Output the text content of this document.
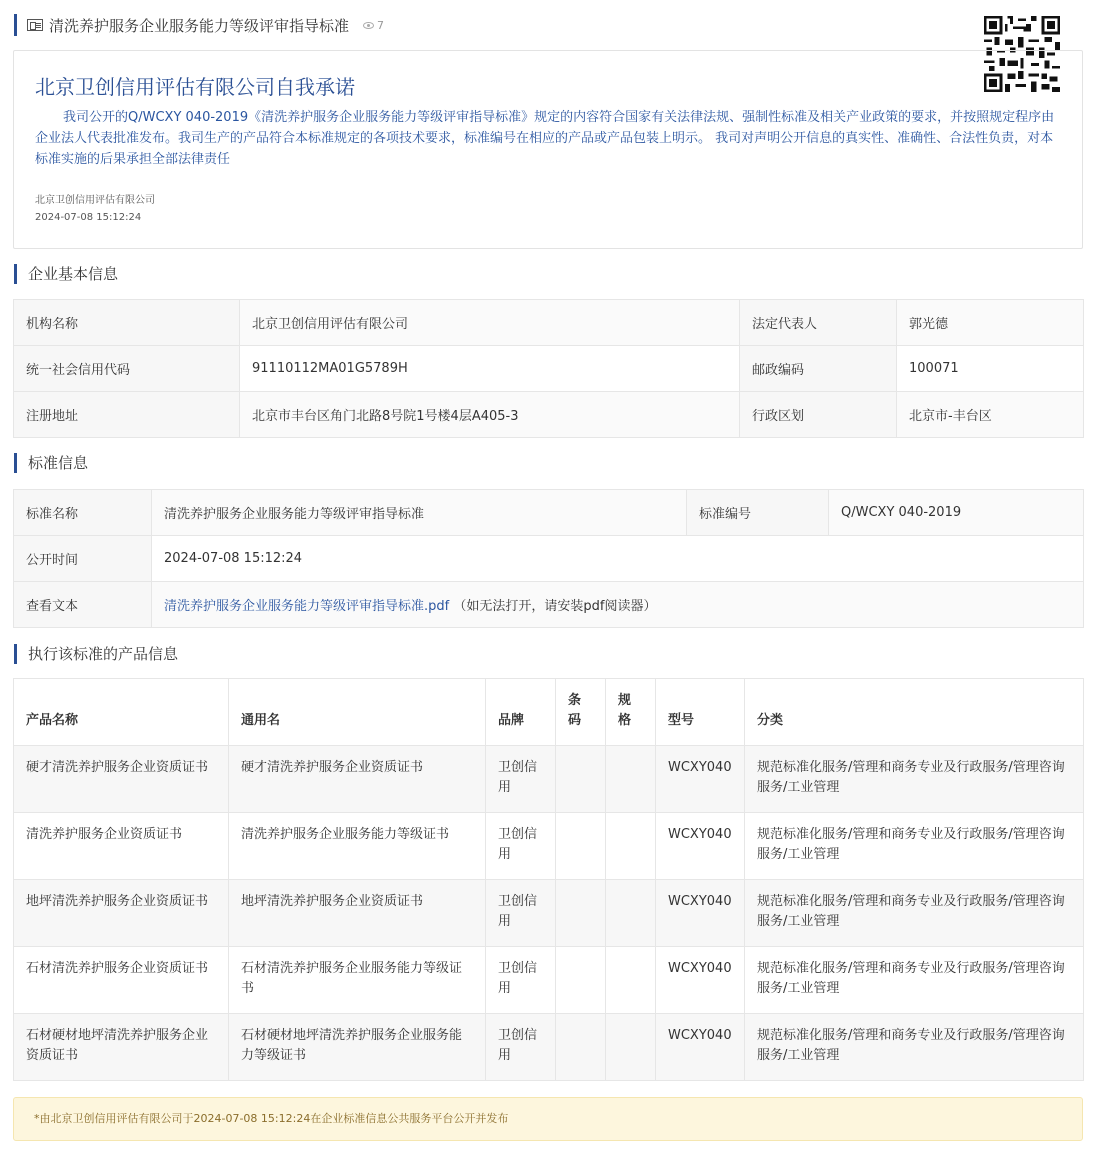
清洗养护服务企业服务能力等级评审指导标准	7
北京卫创信用评估有限公司自我承诺
我司公开的Q/WCXY 040-2019《清洗养护服务企业服务能力等级评审指导标准》规定的内容符合国家有关法律法规、强制性标准及相关产业政策的要求，并按照规定程序由企业法人代表批准发布。我司生产的产品符合本标准规定的各项技术要求，标准编号在相应的产品或产品包装上明示。 我司对声明公开信息的真实性、准确性、合法性负责，对本标准实施的后果承担全部法律责任
北京卫创信用评估有限公司
2024-07-08 15:12:24
企业基本信息
机构名称	北京卫创信用评估有限公司	法定代表人	郭光德
统一社会信用代码	91110112MA01G5789H	邮政编码	100071
注册地址	北京市丰台区角门北路8号院1号楼4层A405-3	行政区划	北京市-丰台区
标准信息
标准名称	清洗养护服务企业服务能力等级评审指导标准	标准编号	Q/WCXY 040-2019
公开时间	2024-07-08 15:12:24		
查看文本	清洗养护服务企业服务能力等级评审指导标准.pdf （如无法打开，请安装pdf阅读器）		
执行该标准的产品信息
产品名称	通用名	品牌	条码	规格	型号	分类
硬才清洗养护服务企业资质证书	硬才清洗养护服务企业资质证书	卫创信用			WCXY040	规范标准化服务/管理和商务专业及行政服务/管理咨询服务/工业管理
清洗养护服务企业资质证书	清洗养护服务企业服务能力等级证书	卫创信用			WCXY040	规范标准化服务/管理和商务专业及行政服务/管理咨询服务/工业管理
地坪清洗养护服务企业资质证书	地坪清洗养护服务企业资质证书	卫创信用			WCXY040	规范标准化服务/管理和商务专业及行政服务/管理咨询服务/工业管理
石材清洗养护服务企业资质证书	石材清洗养护服务企业服务能力等级证书	卫创信用			WCXY040	规范标准化服务/管理和商务专业及行政服务/管理咨询服务/工业管理
石材硬材地坪清洗养护服务企业资质证书	石材硬材地坪清洗养护服务企业服务能力等级证书	卫创信用			WCXY040	规范标准化服务/管理和商务专业及行政服务/管理咨询服务/工业管理
*由北京卫创信用评估有限公司于2024-07-08 15:12:24在企业标准信息公共服务平台公开并发布
